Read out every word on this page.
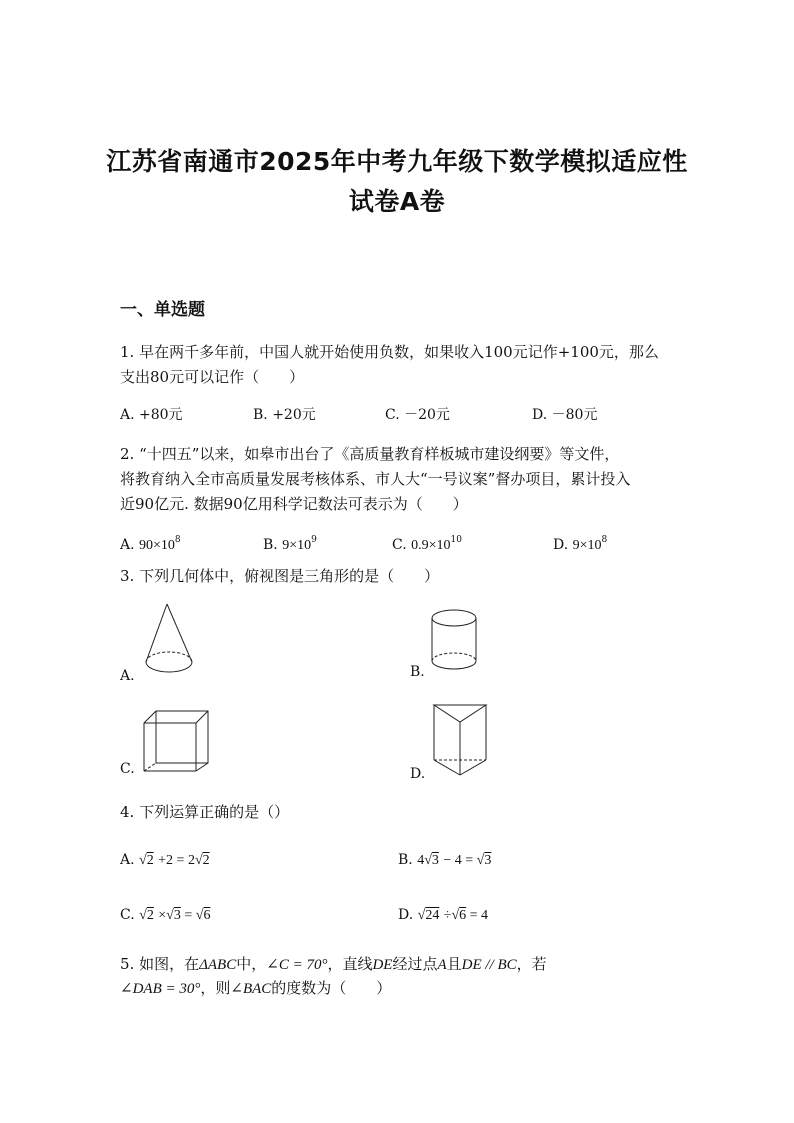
江苏省南通市2025年中考九年级下数学模拟适应性
试卷A卷
一、单选题
1. 早在两千多年前，中国人就开始使用负数，如果收入100元记作+100元，那么
支出80元可以记作（　　）
A. +80元	B. +20元	C. －20元	D. －80元
2. “十四五”以来，如皋市出台了《高质量教育样板城市建设纲要》等文件，
将教育纳入全市高质量发展考核体系、市人大“一号议案”督办项目，累计投入
近90亿元. 数据90亿用科学记数法可表示为（　　）
A. $90\times 10^8$	B. $9\times 10^9$	C. $0.9\times 10^{10}$	D. $9\times 10^8$
3. 下列几何体中，俯视图是三角形的是（　　）
A.	B.
C.	D.
4. 下列运算正确的是（）
A. √2 +2 = 2√2	B. 4√3 − 4 = √3
C. √2 ×√3 = √6	D. √24 ÷√6 = 4
5. 如图，在ΔABC中，∠C = 70°，直线DE经过点A且DE // BC，若
∠DAB = 30°，则∠BAC的度数为（　　）
